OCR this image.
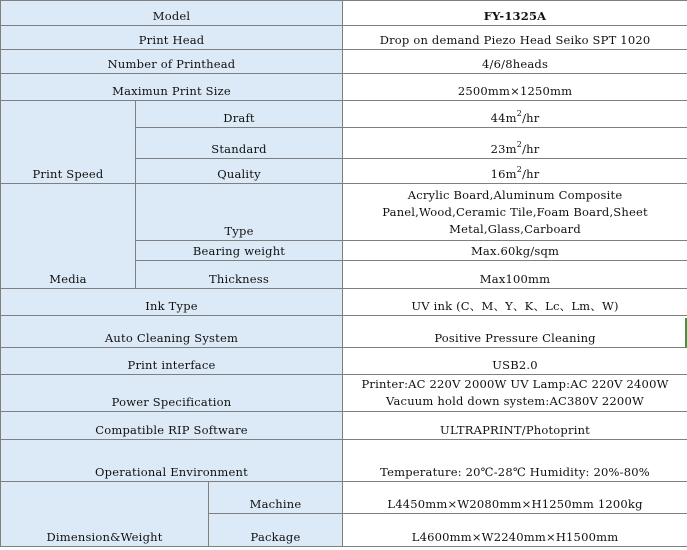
Model			FY-1325A
Print Head			Drop on demand Piezo Head Seiko SPT 1020
Number of Printhead			4/6/8heads
Maximun Print Size			2500mm×1250mm
Print Speed	Draft		$44m^2/hr$
	Standard		$23m^2/hr$
	Quality		$16m^2/hr$
Media	Type		Acrylic Board,Aluminum Composite
Panel,Wood,Ceramic Tile,Foam Board,Sheet
Metal,Glass,Carboard

	Bearing weight		Max.60kg/sqm
	Thickness		Max100mm
Ink Type			UV ink (C、M、Y、K、Lc、Lm、W)
Auto Cleaning System			Positive Pressure Cleaning
Print interface			USB2.0
Power Specification			Printer:AC 220V 2000W UV Lamp:AC 220V 2400W
Vacuum hold down system:AC380V 2200W

Compatible RIP Software			ULTRAPRINT/Photoprint
Operational Environment			Temperature: 20℃-28℃ Humidity: 20%-80%
Dimension&Weight		Machine	L4450mm×W2080mm×H1250mm 1200kg
		Package	L4600mm×W2240mm×H1500mm
